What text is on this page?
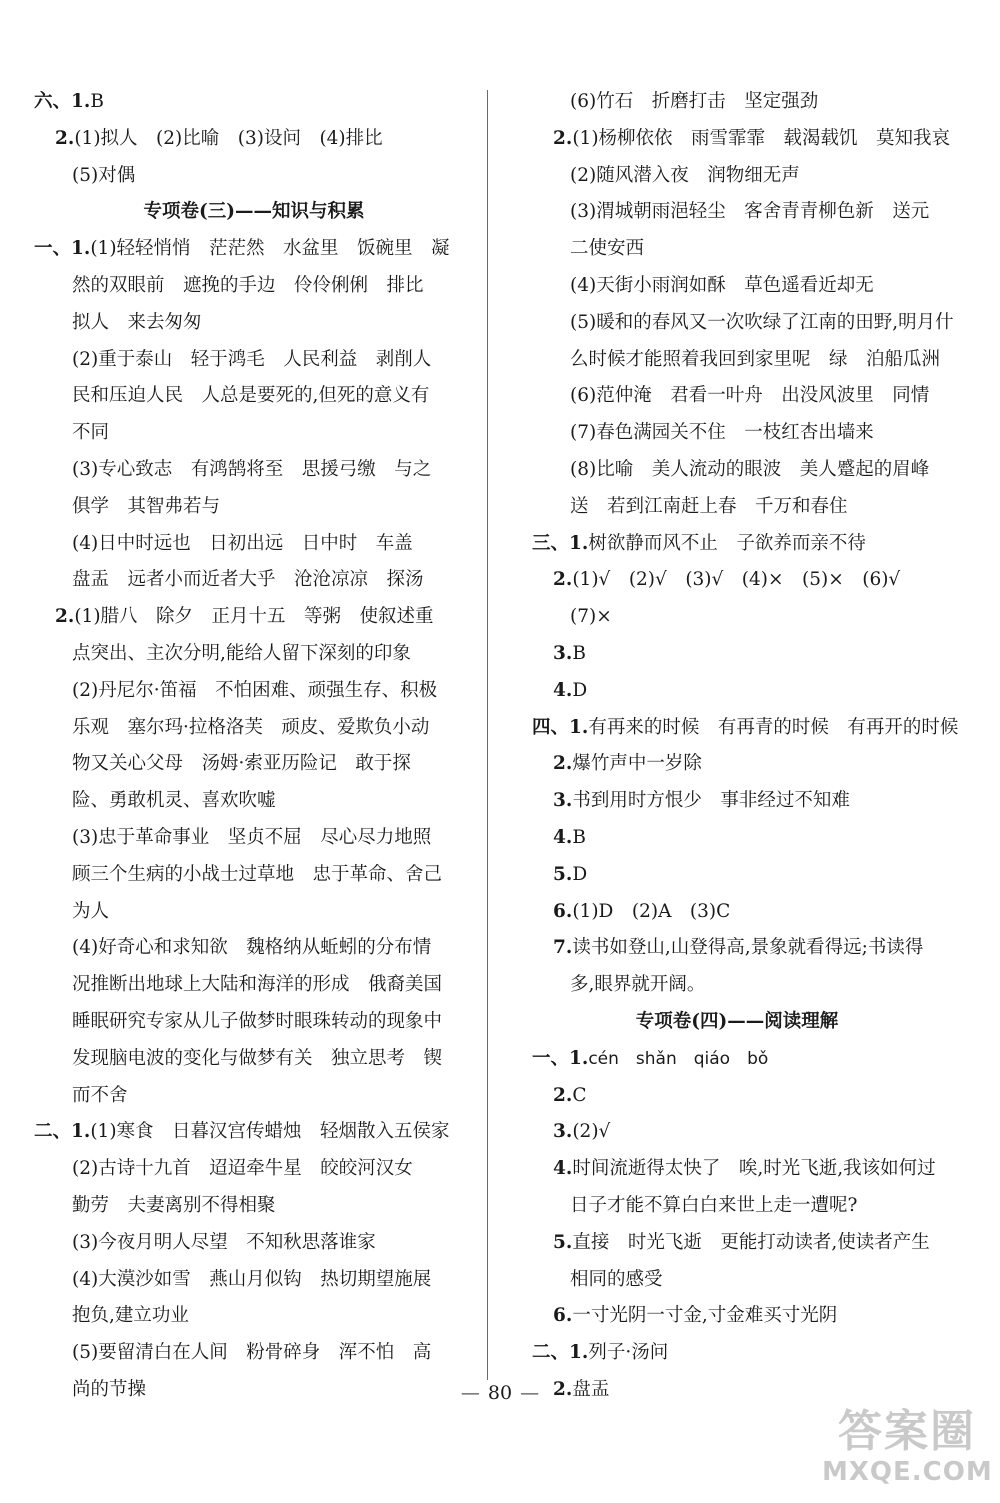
六、1.B
2.(1)拟人　(2)比喻　(3)设问　(4)排比
(5)对偶
专项卷(三)——知识与积累
一、1.(1)轻轻悄悄　茫茫然　水盆里　饭碗里　凝
然的双眼前　遮挽的手边　伶伶俐俐　排比
拟人　来去匆匆
(2)重于泰山　轻于鸿毛　人民利益　剥削人
民和压迫人民　人总是要死的,但死的意义有
不同
(3)专心致志　有鸿鹄将至　思援弓缴　与之
俱学　其智弗若与
(4)日中时远也　日初出远　日中时　车盖
盘盂　远者小而近者大乎　沧沧凉凉　探汤
2.(1)腊八　除夕　正月十五　等粥　使叙述重
点突出、主次分明,能给人留下深刻的印象
(2)丹尼尔·笛福　不怕困难、顽强生存、积极
乐观　塞尔玛·拉格洛芙　顽皮、爱欺负小动
物又关心父母　汤姆·索亚历险记　敢于探
险、勇敢机灵、喜欢吹嘘
(3)忠于革命事业　坚贞不屈　尽心尽力地照
顾三个生病的小战士过草地　忠于革命、舍己
为人
(4)好奇心和求知欲　魏格纳从蚯蚓的分布情
况推断出地球上大陆和海洋的形成　俄裔美国
睡眠研究专家从儿子做梦时眼珠转动的现象中
发现脑电波的变化与做梦有关　独立思考　锲
而不舍
二、1.(1)寒食　日暮汉宫传蜡烛　轻烟散入五侯家
(2)古诗十九首　迢迢牵牛星　皎皎河汉女
勤劳　夫妻离别不得相聚
(3)今夜月明人尽望　不知秋思落谁家
(4)大漠沙如雪　燕山月似钩　热切期望施展
抱负,建立功业
(5)要留清白在人间　粉骨碎身　浑不怕　高
尚的节操
(6)竹石　折磨打击　坚定强劲
2.(1)杨柳依依　雨雪霏霏　载渴载饥　莫知我哀
(2)随风潜入夜　润物细无声
(3)渭城朝雨浥轻尘　客舍青青柳色新　送元
二使安西
(4)天街小雨润如酥　草色遥看近却无
(5)暖和的春风又一次吹绿了江南的田野,明月什
么时候才能照着我回到家里呢　绿　泊船瓜洲
(6)范仲淹　君看一叶舟　出没风波里　同情
(7)春色满园关不住　一枝红杏出墙来
(8)比喻　美人流动的眼波　美人蹙起的眉峰
送　若到江南赶上春　千万和春住
三、1.树欲静而风不止　子欲养而亲不待
2.(1)√　(2)√　(3)√　(4)×　(5)×　(6)√
(7)×
3.B
4.D
四、1.有再来的时候　有再青的时候　有再开的时候
2.爆竹声中一岁除
3.书到用时方恨少　事非经过不知难
4.B
5.D
6.(1)D　(2)A　(3)C
7.读书如登山,山登得高,景象就看得远;书读得
多,眼界就开阔。
专项卷(四)——阅读理解
一、1.cén　shǎn　qiáo　bǒ
2.C
3.(2)√
4.时间流逝得太快了　唉,时光飞逝,我该如何过
日子才能不算白白来世上走一遭呢?
5.直接　时光飞逝　更能打动读者,使读者产生
相同的感受
6.一寸光阴一寸金,寸金难买寸光阴
二、1.列子·汤问
2.盘盂
— 80 —
答案圈
MXQE.COM
